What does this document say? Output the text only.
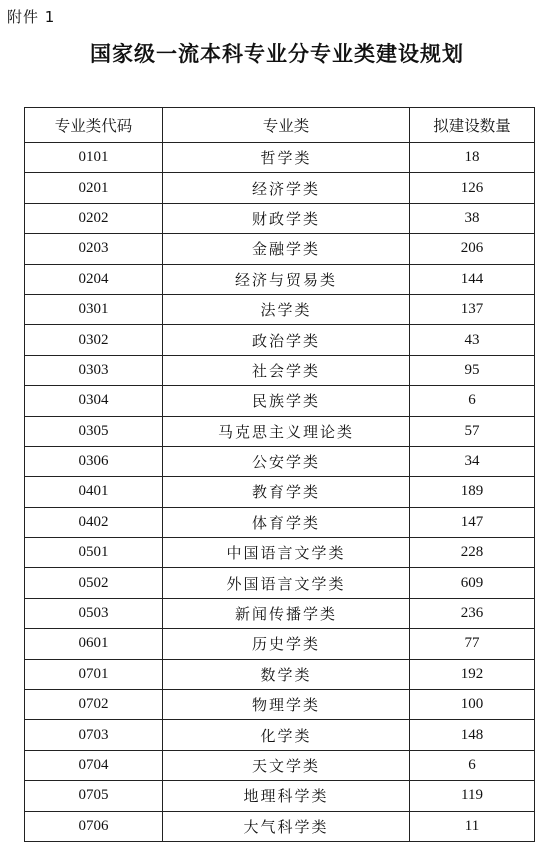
附件 1
国家级一流本科专业分专业类建设规划
专业类代码	专业类	拟建设数量
0101	哲学类	18
0201	经济学类	126
0202	财政学类	38
0203	金融学类	206
0204	经济与贸易类	144
0301	法学类	137
0302	政治学类	43
0303	社会学类	95
0304	民族学类	6
0305	马克思主义理论类	57
0306	公安学类	34
0401	教育学类	189
0402	体育学类	147
0501	中国语言文学类	228
0502	外国语言文学类	609
0503	新闻传播学类	236
0601	历史学类	77
0701	数学类	192
0702	物理学类	100
0703	化学类	148
0704	天文学类	6
0705	地理科学类	119
0706	大气科学类	11
